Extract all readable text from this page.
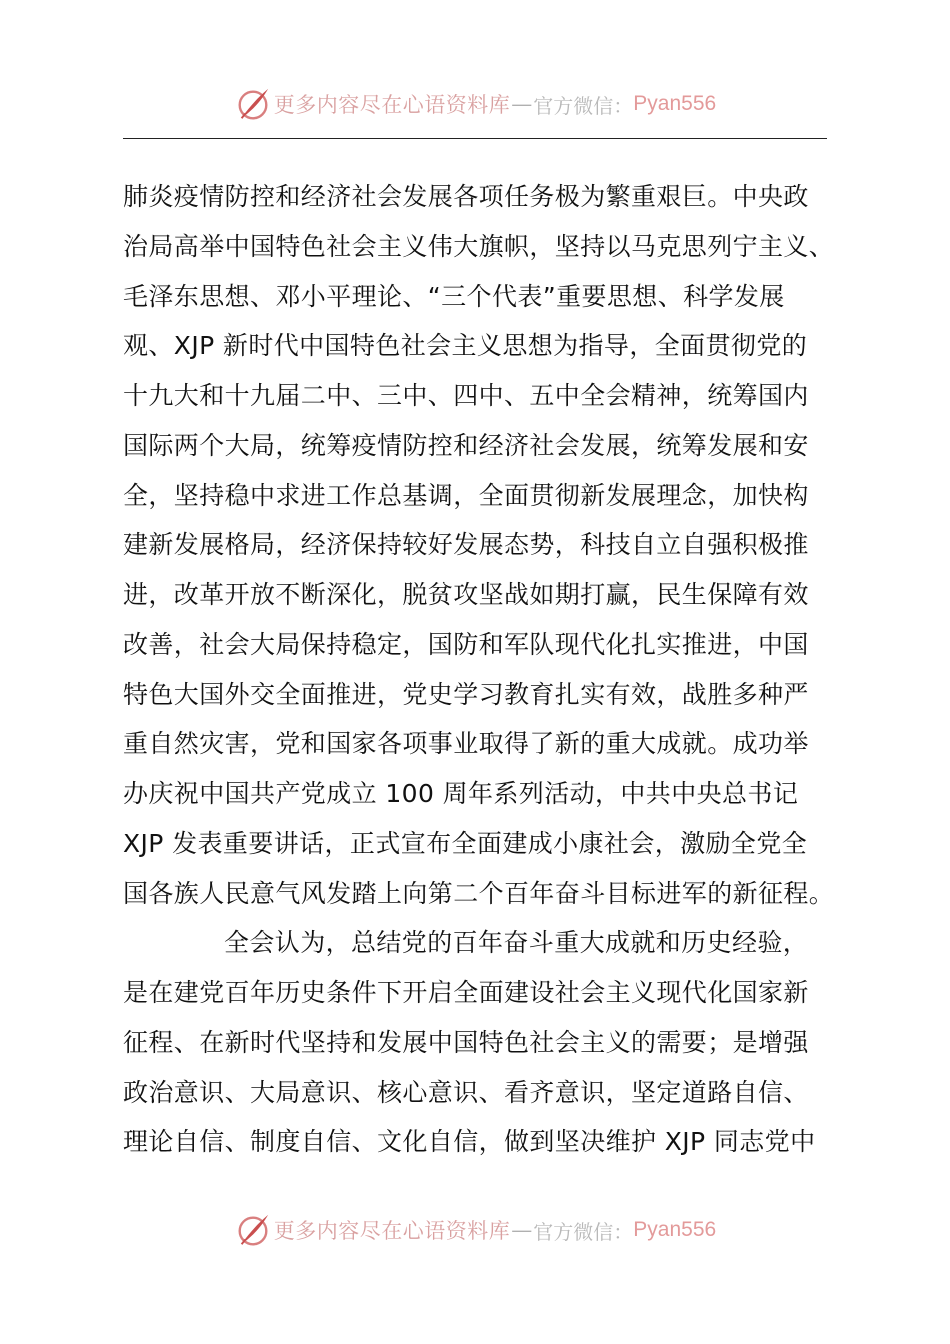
更多内容尽在心语资料库 — 官方微信： Pyan556
肺炎疫情防控和经济社会发展各项任务极为繁重艰巨。中央政
治局高举中国特色社会主义伟大旗帜，坚持以马克思列宁主义、
毛泽东思想、邓小平理论、“三个代表”重要思想、科学发展
观、XJP 新时代中国特色社会主义思想为指导，全面贯彻党的
十九大和十九届二中、三中、四中、五中全会精神，统筹国内
国际两个大局，统筹疫情防控和经济社会发展，统筹发展和安
全，坚持稳中求进工作总基调，全面贯彻新发展理念，加快构
建新发展格局，经济保持较好发展态势，科技自立自强积极推
进，改革开放不断深化，脱贫攻坚战如期打赢，民生保障有效
改善，社会大局保持稳定，国防和军队现代化扎实推进，中国
特色大国外交全面推进，党史学习教育扎实有效，战胜多种严
重自然灾害，党和国家各项事业取得了新的重大成就。成功举
办庆祝中国共产党成立 100 周年系列活动，中共中央总书记
XJP 发表重要讲话，正式宣布全面建成小康社会，激励全党全
国各族人民意气风发踏上向第二个百年奋斗目标进军的新征程。
全会认为，总结党的百年奋斗重大成就和历史经验，
是在建党百年历史条件下开启全面建设社会主义现代化国家新
征程、在新时代坚持和发展中国特色社会主义的需要；是增强
政治意识、大局意识、核心意识、看齐意识，坚定道路自信、
理论自信、制度自信、文化自信，做到坚决维护 XJP 同志党中
更多内容尽在心语资料库 — 官方微信： Pyan556
